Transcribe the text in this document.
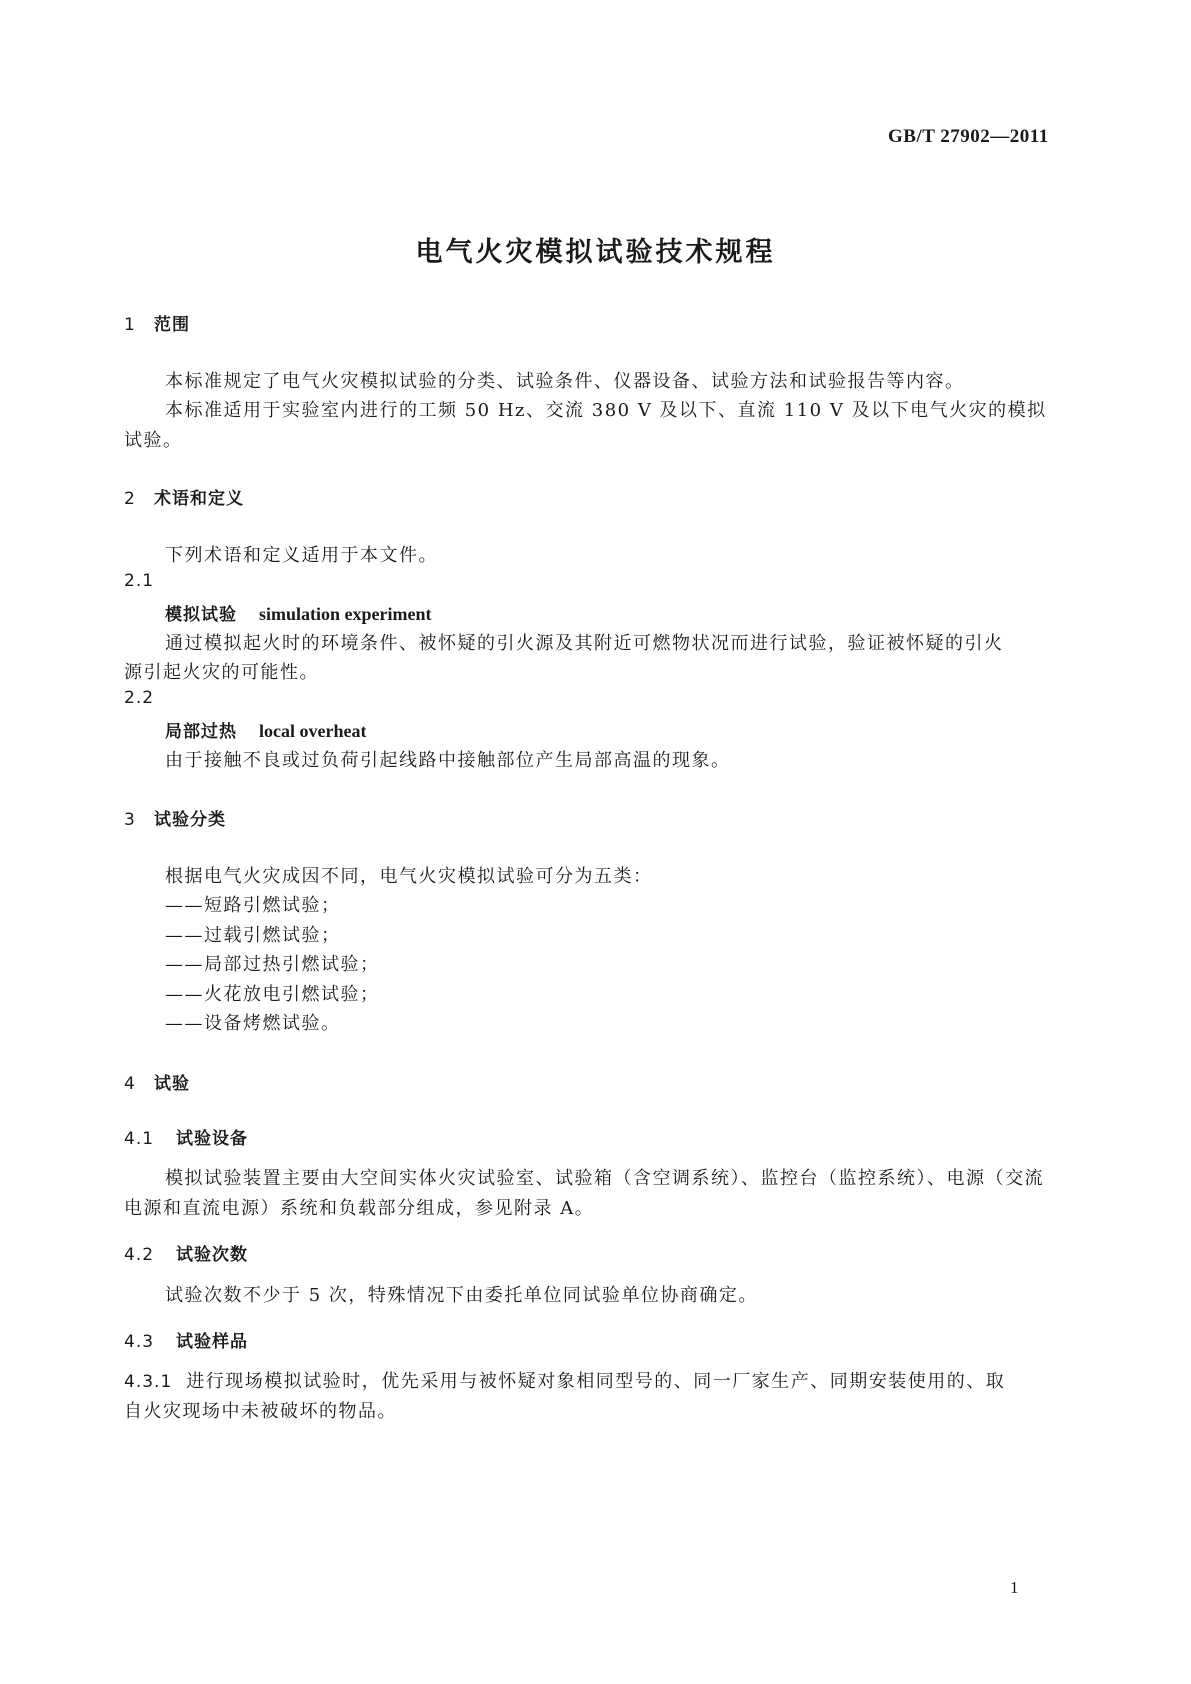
GB/T 27902—2011
电气火灾模拟试验技术规程
1 范围
本标准规定了电气火灾模拟试验的分类、试验条件、仪器设备、试验方法和试验报告等内容。
本标准适用于实验室内进行的工频 50 Hz、交流 380 V 及以下、直流 110 V 及以下电气火灾的模拟
试验。
2 术语和定义
下列术语和定义适用于本文件。
2.1
模拟试验 simulation experiment
通过模拟起火时的环境条件、被怀疑的引火源及其附近可燃物状况而进行试验，验证被怀疑的引火
源引起火灾的可能性。
2.2
局部过热 local overheat
由于接触不良或过负荷引起线路中接触部位产生局部高温的现象。
3 试验分类
根据电气火灾成因不同，电气火灾模拟试验可分为五类：
——短路引燃试验；
——过载引燃试验；
——局部过热引燃试验；
——火花放电引燃试验；
——设备烤燃试验。
4 试验
4.1 试验设备
模拟试验装置主要由大空间实体火灾试验室、试验箱（含空调系统）、监控台（监控系统）、电源（交流
电源和直流电源）系统和负载部分组成，参见附录 A。
4.2 试验次数
试验次数不少于 5 次，特殊情况下由委托单位同试验单位协商确定。
4.3 试验样品
4.3.1 进行现场模拟试验时，优先采用与被怀疑对象相同型号的、同一厂家生产、同期安装使用的、取
自火灾现场中未被破坏的物品。
1
